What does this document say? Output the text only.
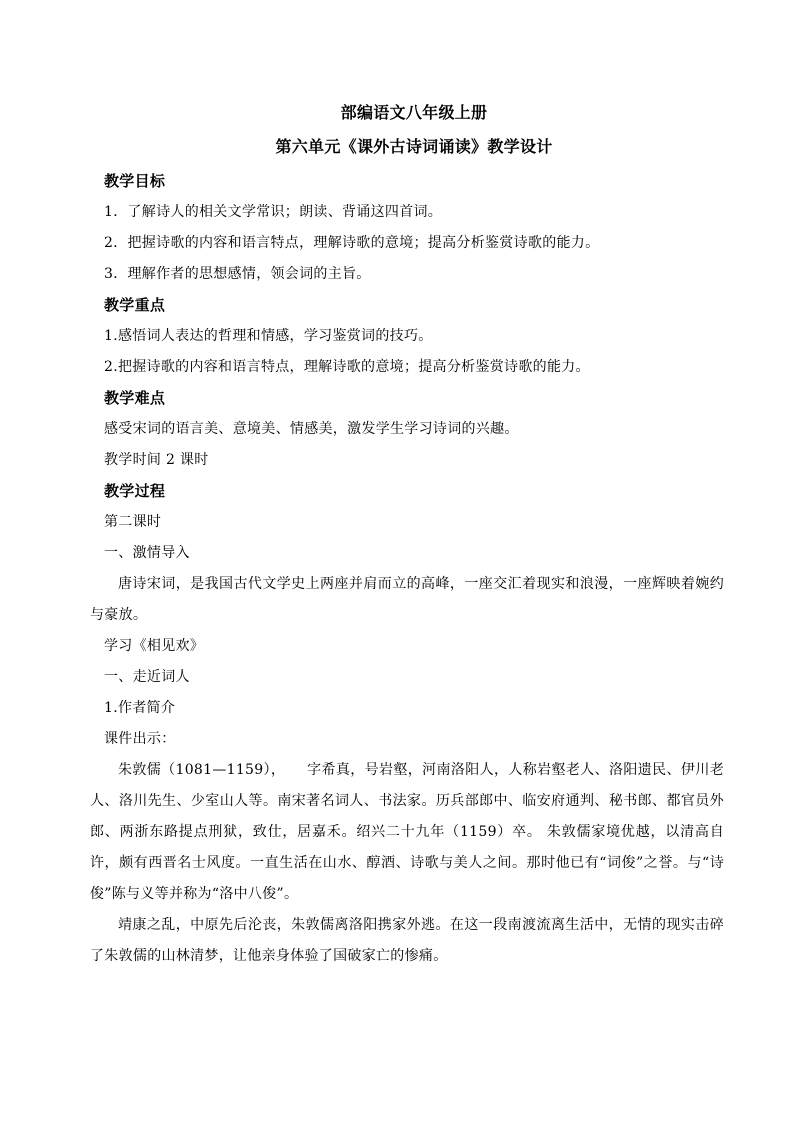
部编语文八年级上册
第六单元《课外古诗词诵读》教学设计
教学目标
1．了解诗人的相关文学常识；朗读、背诵这四首词。
2．把握诗歌的内容和语言特点，理解诗歌的意境；提高分析鉴赏诗歌的能力。
3．理解作者的思想感情，领会词的主旨。
教学重点
1.感悟词人表达的哲理和情感，学习鉴赏词的技巧。
2.把握诗歌的内容和语言特点，理解诗歌的意境；提高分析鉴赏诗歌的能力。
教学难点
感受宋词的语言美、意境美、情感美，激发学生学习诗词的兴趣。
教学时间 2 课时
教学过程
第二课时
一、激情导入
唐诗宋词，是我国古代文学史上两座并肩而立的高峰，一座交汇着现实和浪漫，一座辉映着婉约与豪放。
学习《相见欢》
一、走近词人
1.作者简介
课件出示：
朱敦儒（1081—1159），　　字希真，号岩壑，河南洛阳人，人称岩壑老人、洛阳遗民、伊川老人、洛川先生、少室山人等。南宋著名词人、书法家。历兵部郎中、临安府通判、秘书郎、都官员外郎、两浙东路提点刑狱，致仕，居嘉禾。绍兴二十九年（1159）卒。 朱敦儒家境优越，以清高自许，颇有西晋名士风度。一直生活在山水、醇酒、诗歌与美人之间。那时他已有“词俊”之誉。与“诗俊”陈与义等并称为“洛中八俊”。
靖康之乱，中原先后沦丧，朱敦儒离洛阳携家外逃。在这一段南渡流离生活中，无情的现实击碎了朱敦儒的山林清梦，让他亲身体验了国破家亡的惨痛。
